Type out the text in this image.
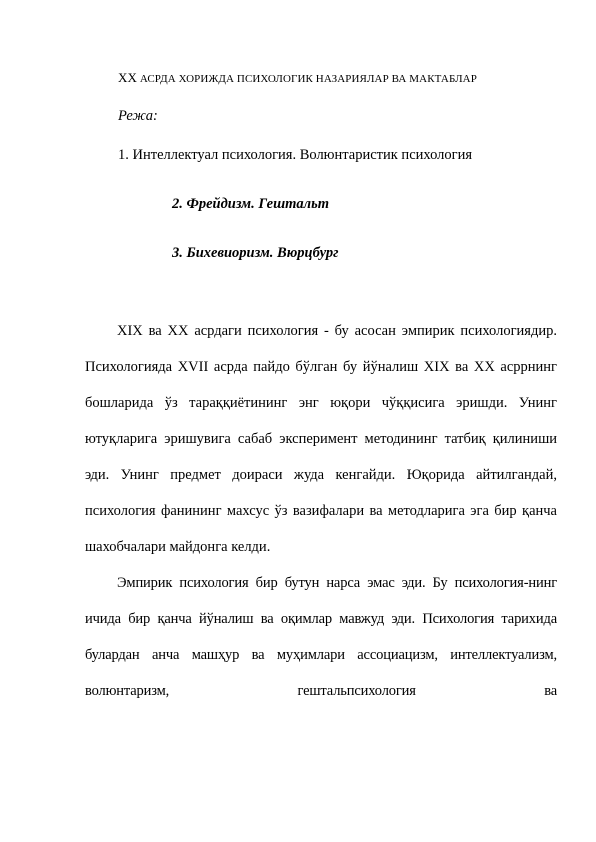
XX АСРДА ХОРИЖДА ПСИХОЛОГИК НАЗАРИЯЛАР ВА МАКТАБЛАР
Режа:
1. Интеллектуал психология. Волюнтаристик психология
2. Фрейдизм. Гештальт
3. Бихевиоризм. Вюрцбург

XIX ва XX асрдаги психология - бу асосан эмпирик психологиядир. Психологияда XVII асрда пайдо бўлган бу йўналиш XIX ва XX асррнинг бошларида ўз тараққиётининг энг юқори чўққисига эришди. Унинг ютуқларига эришувига сабаб эксперимент методининг татбиқ қилиниши эди. Унинг предмет доираси жуда кенгайди. Юқорида айтилгандай, психология фанининг махсус ўз вазифалари ва методларига эга бир қанча шахобчалари майдонга келди.

Эмпирик психология бир бутун нарса эмас эди. Бу психология-нинг ичида бир қанча йўналиш ва оқимлар мавжуд эди. Психология тарихида булардан анча машҳур ва муҳимлари ассоциацизм, интеллектуализм, волюнтаризм, гештальпсихология ва
